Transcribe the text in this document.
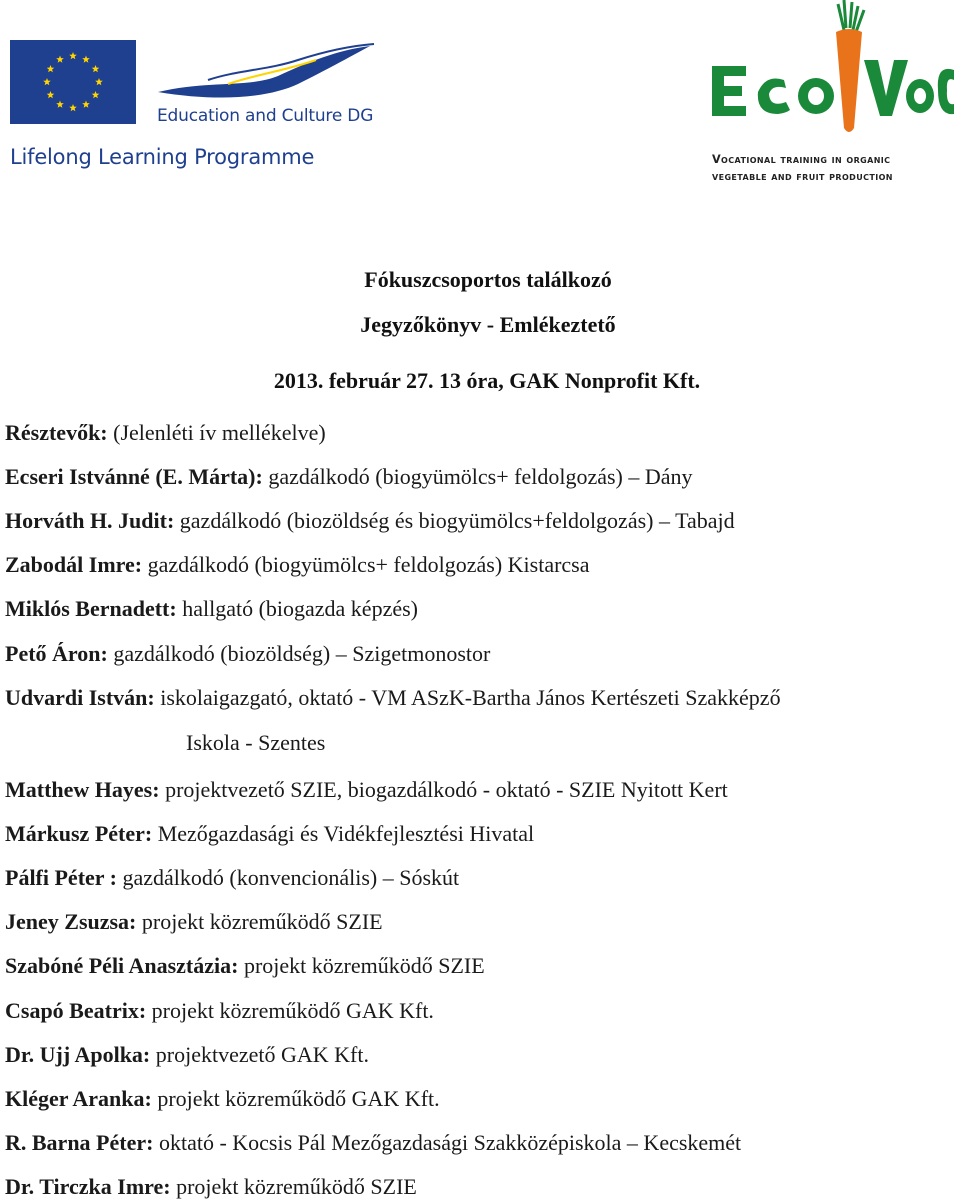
Education and Culture DG
Lifelong Learning Programme	Vocational training in organic
vegetable and fruit production
Fókuszcsoportos találkozó
Jegyzőkönyv - Emlékeztető
2013. február 27. 13 óra, GAK Nonprofit Kft.
Résztevők: (Jelenléti ív mellékelve)
Ecseri Istvánné (E. Márta): gazdálkodó (biogyümölcs+ feldolgozás) – Dány
Horváth H. Judit: gazdálkodó (biozöldség és biogyümölcs+feldolgozás) – Tabajd
Zabodál Imre: gazdálkodó (biogyümölcs+ feldolgozás) Kistarcsa
Miklós Bernadett: hallgató (biogazda képzés)
Pető Áron: gazdálkodó (biozöldség) – Szigetmonostor
Udvardi István: iskolaigazgató, oktató - VM ASzK-Bartha János Kertészeti Szakképző
Iskola - Szentes
Matthew Hayes: projektvezető SZIE, biogazdálkodó - oktató - SZIE Nyitott Kert
Márkusz Péter: Mezőgazdasági és Vidékfejlesztési Hivatal
Pálfi Péter : gazdálkodó (konvencionális) – Sóskút
Jeney Zsuzsa: projekt közreműködő SZIE
Szabóné Péli Anasztázia: projekt közreműködő SZIE
Csapó Beatrix: projekt közreműködő GAK Kft.
Dr. Ujj Apolka: projektvezető GAK Kft.
Kléger Aranka: projekt közreműködő GAK Kft.
R. Barna Péter: oktató - Kocsis Pál Mezőgazdasági Szakközépiskola – Kecskemét
Dr. Tirczka Imre: projekt közreműködő SZIE
